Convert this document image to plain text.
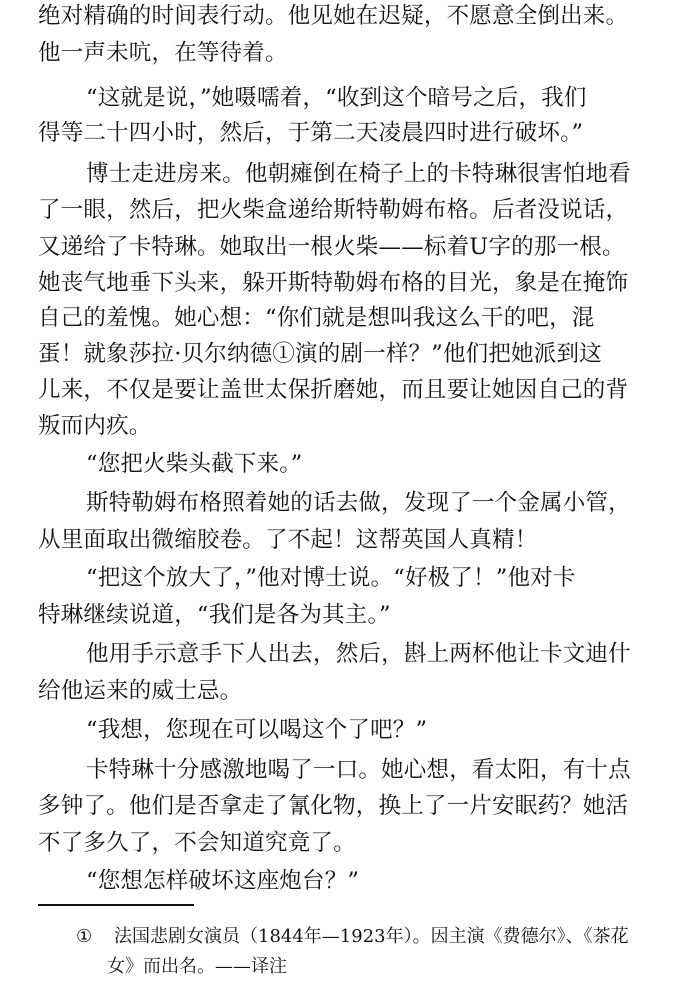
绝对精确的时间表行动。他见她在迟疑，不愿意全倒出来。
他一声未吭，在等待着。
“这就是说，”她嗫嚅着，“收到这个暗号之后，我们
得等二十四小时，然后，于第二天凌晨四时进行破坏。”
博士走进房来。他朝瘫倒在椅子上的卡特琳很害怕地看
了一眼，然后，把火柴盒递给斯特勒姆布格。后者没说话，
又递给了卡特琳。她取出一根火柴——标着U字的那一根。
她丧气地垂下头来，躲开斯特勒姆布格的目光，象是在掩饰
自己的羞愧。她心想：“你们就是想叫我这么干的吧，混
蛋！就象莎拉·贝尔纳德①演的剧一样？”他们把她派到这
儿来，不仅是要让盖世太保折磨她，而且要让她因自己的背
叛而内疚。
“您把火柴头截下来。”
斯特勒姆布格照着她的话去做，发现了一个金属小管，
从里面取出微缩胶卷。了不起！这帮英国人真精！
“把这个放大了，”他对博士说。“好极了！”他对卡
特琳继续说道，“我们是各为其主。”
他用手示意手下人出去，然后，斟上两杯他让卡文迪什
给他运来的威士忌。
“我想，您现在可以喝这个了吧？”
卡特琳十分感激地喝了一口。她心想，看太阳，有十点
多钟了。他们是否拿走了氰化物，换上了一片安眠药？她活
不了多久了，不会知道究竟了。
“您想怎样破坏这座炮台？”
① 法国悲剧女演员（1844年—1923年）。因主演《费德尔》、《茶花
女》而出名。——译注
